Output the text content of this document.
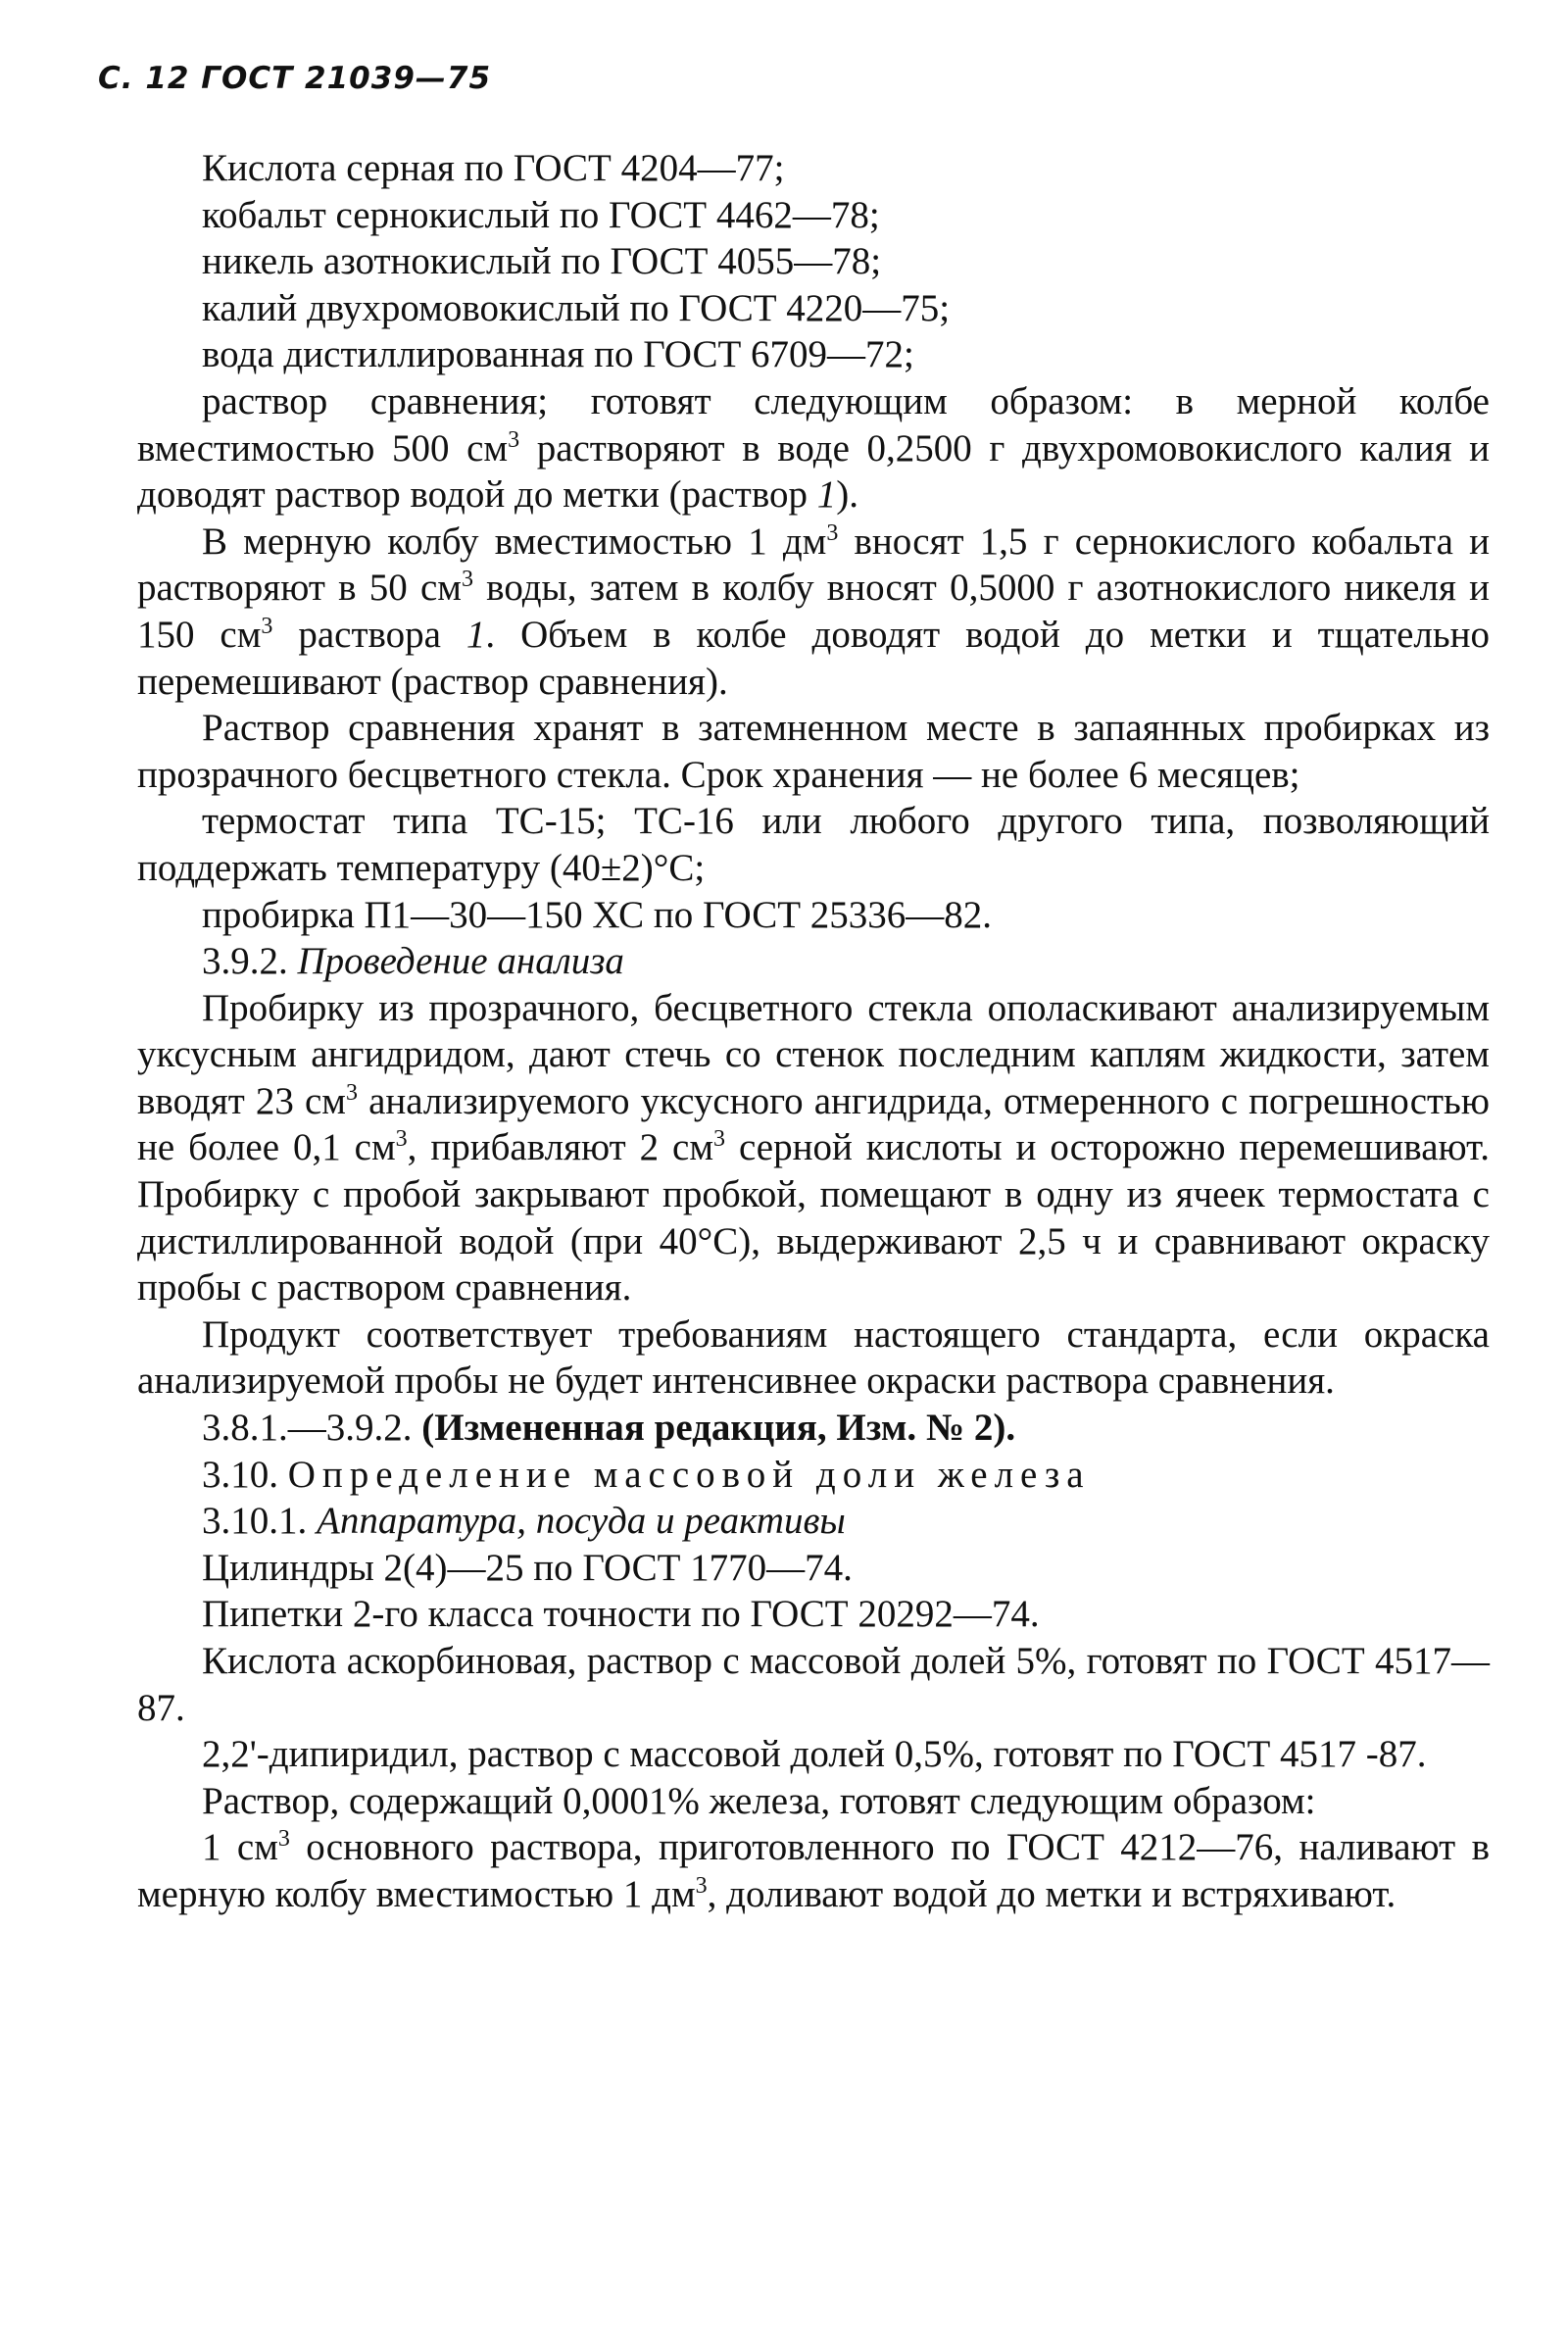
С. 12 ГОСТ 21039—75

Кислота серная по ГОСТ 4204—77;

кобальт сернокислый по ГОСТ 4462—78;

никель азотнокислый по ГОСТ 4055—78;

калий двухромовокислый по ГОСТ 4220—75;

вода дистиллированная по ГОСТ 6709—72;

раствор сравнения; готовят следующим образом: в мерной колбе вместимостью 500 $см^3$ растворяют в воде 0,2500 г двухромовокислого калия и доводят раствор водой до метки (раствор 1).

В мерную колбу вместимостью 1 $дм^3$ вносят 1,5 г сернокислого кобальта и растворяют в 50 $см^3$ воды, затем в колбу вносят 0,5000 г азотнокислого никеля и 150 $см^3$ раствора 1. Объем в колбе доводят водой до метки и тщательно перемешивают (раствор сравнения).

Раствор сравнения хранят в затемненном месте в запаянных пробирках из прозрачного бесцветного стекла. Срок хранения — не более 6 месяцев;

термостат типа ТС-15; ТС-16 или любого другого типа, позволяющий поддержать температуру (40±2)°С;

пробирка П1—30—150 ХС по ГОСТ 25336—82.

3.9.2. Проведение анализа

Пробирку из прозрачного, бесцветного стекла ополаскивают анализируемым уксусным ангидридом, дают стечь со стенок последним каплям жидкости, затем вводят 23 $см^3$ анализируемого уксусного ангидрида, отмеренного с погрешностью не более 0,1 $см^3$, прибавляют 2 $см^3$ серной кислоты и осторожно перемешивают. Пробирку с пробой закрывают пробкой, помещают в одну из ячеек термостата с дистиллированной водой (при 40°С), выдерживают 2,5 ч и сравнивают окраску пробы с раствором сравнения.

Продукт соответствует требованиям настоящего стандарта, если окраска анализируемой пробы не будет интенсивнее окраски раствора сравнения.

3.8.1.—3.9.2. (Измененная редакция, Изм. № 2).

3.10. Определение массовой доли железа

3.10.1. Аппаратура, посуда и реактивы

Цилиндры 2(4)—25 по ГОСТ 1770—74.

Пипетки 2-го класса точности по ГОСТ 20292—74.

Кислота аскорбиновая, раствор с массовой долей 5%, готовят по ГОСТ 4517—87.

2,2'-дипиридил, раствор с массовой долей 0,5%, готовят по ГОСТ 4517 -87.

Раствор, содержащий 0,0001% железа, готовят следующим образом:

1 $см^3$ основного раствора, приготовленного по ГОСТ 4212—76, наливают в мерную колбу вместимостью 1 $дм^3$, доливают водой до метки и встряхивают.
